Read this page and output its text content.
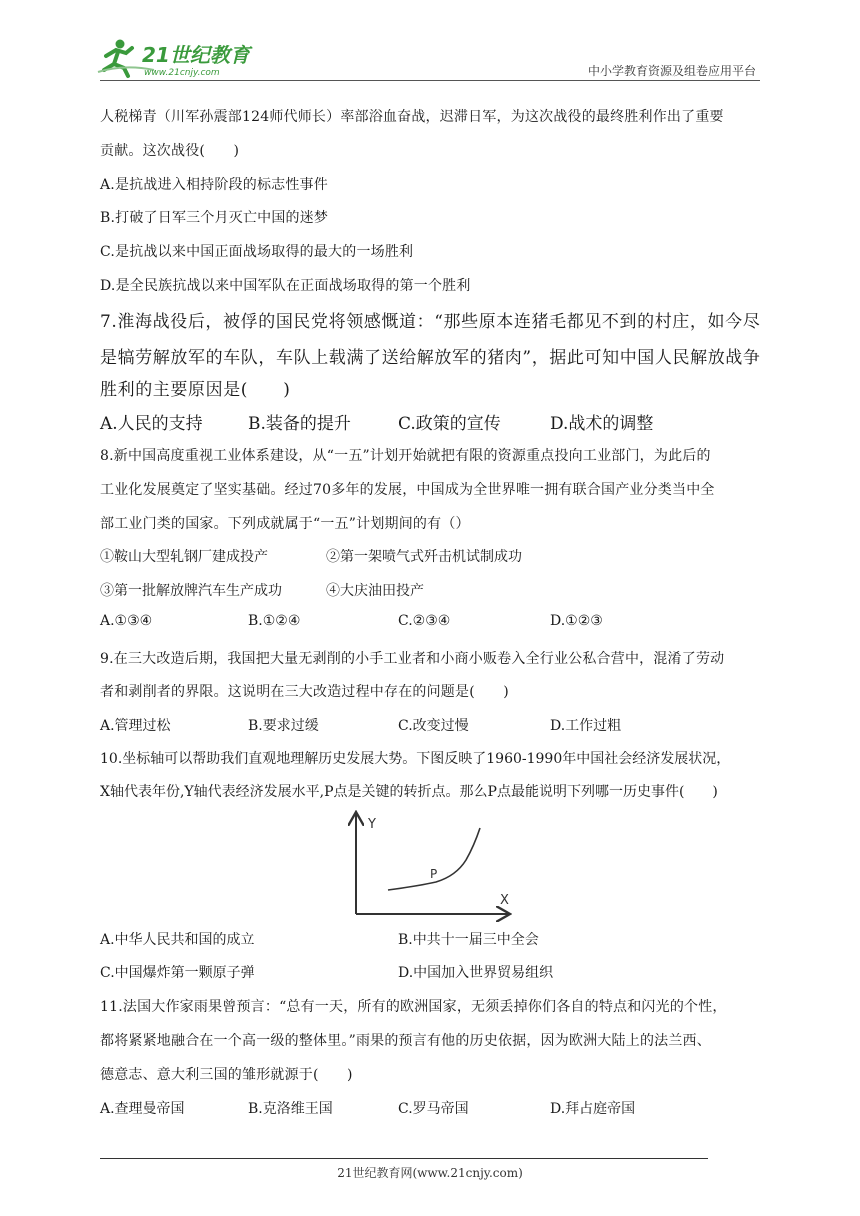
21世纪教育
www.21cnjy.com	中小学教育资源及组卷应用平台
人税梯青（川军孙震部124师代师长）率部浴血奋战，迟滞日军，为这次战役的最终胜利作出了重要
贡献。这次战役(　　)
A.是抗战进入相持阶段的标志性事件
B.打破了日军三个月灭亡中国的迷梦
C.是抗战以来中国正面战场取得的最大的一场胜利
D.是全民族抗战以来中国军队在正面战场取得的第一个胜利
7.淮海战役后，被俘的国民党将领感慨道：“那些原本连猪毛都见不到的村庄，如今尽
是犒劳解放军的车队，车队上载满了送给解放军的猪肉”，据此可知中国人民解放战争
胜利的主要原因是(　　)
A.人民的支持	B.装备的提升	C.政策的宣传	D.战术的调整
8.新中国高度重视工业体系建设，从“一五”计划开始就把有限的资源重点投向工业部门，为此后的
工业化发展奠定了坚实基础。经过70多年的发展，中国成为全世界唯一拥有联合国产业分类当中全
部工业门类的国家。下列成就属于“一五”计划期间的有（）
①鞍山大型轧钢厂建成投产	②第一架喷气式歼击机试制成功
③第一批解放牌汽车生产成功	④大庆油田投产
A.①③④	B.①②④	C.②③④	D.①②③
9.在三大改造后期，我国把大量无剥削的小手工业者和小商小贩卷入全行业公私合营中，混淆了劳动
者和剥削者的界限。这说明在三大改造过程中存在的问题是(　　)
A.管理过松	B.要求过缓	C.改变过慢	D.工作过粗
10.坐标轴可以帮助我们直观地理解历史发展大势。下图反映了1960-1990年中国社会经济发展状况，
X轴代表年份,Y轴代表经济发展水平,P点是关键的转折点。那么P点最能说明下列哪一历史事件(　　)
Y
X
P
A.中华人民共和国的成立	B.中共十一届三中全会
C.中国爆炸第一颗原子弹	D.中国加入世界贸易组织
11.法国大作家雨果曾预言：“总有一天，所有的欧洲国家，无须丢掉你们各自的特点和闪光的个性，
都将紧紧地融合在一个高一级的整体里。”雨果的预言有他的历史依据，因为欧洲大陆上的法兰西、
德意志、意大利三国的雏形就源于(　　)
A.查理曼帝国	B.克洛维王国	C.罗马帝国	D.拜占庭帝国
21世纪教育网(www.21cnjy.com)
